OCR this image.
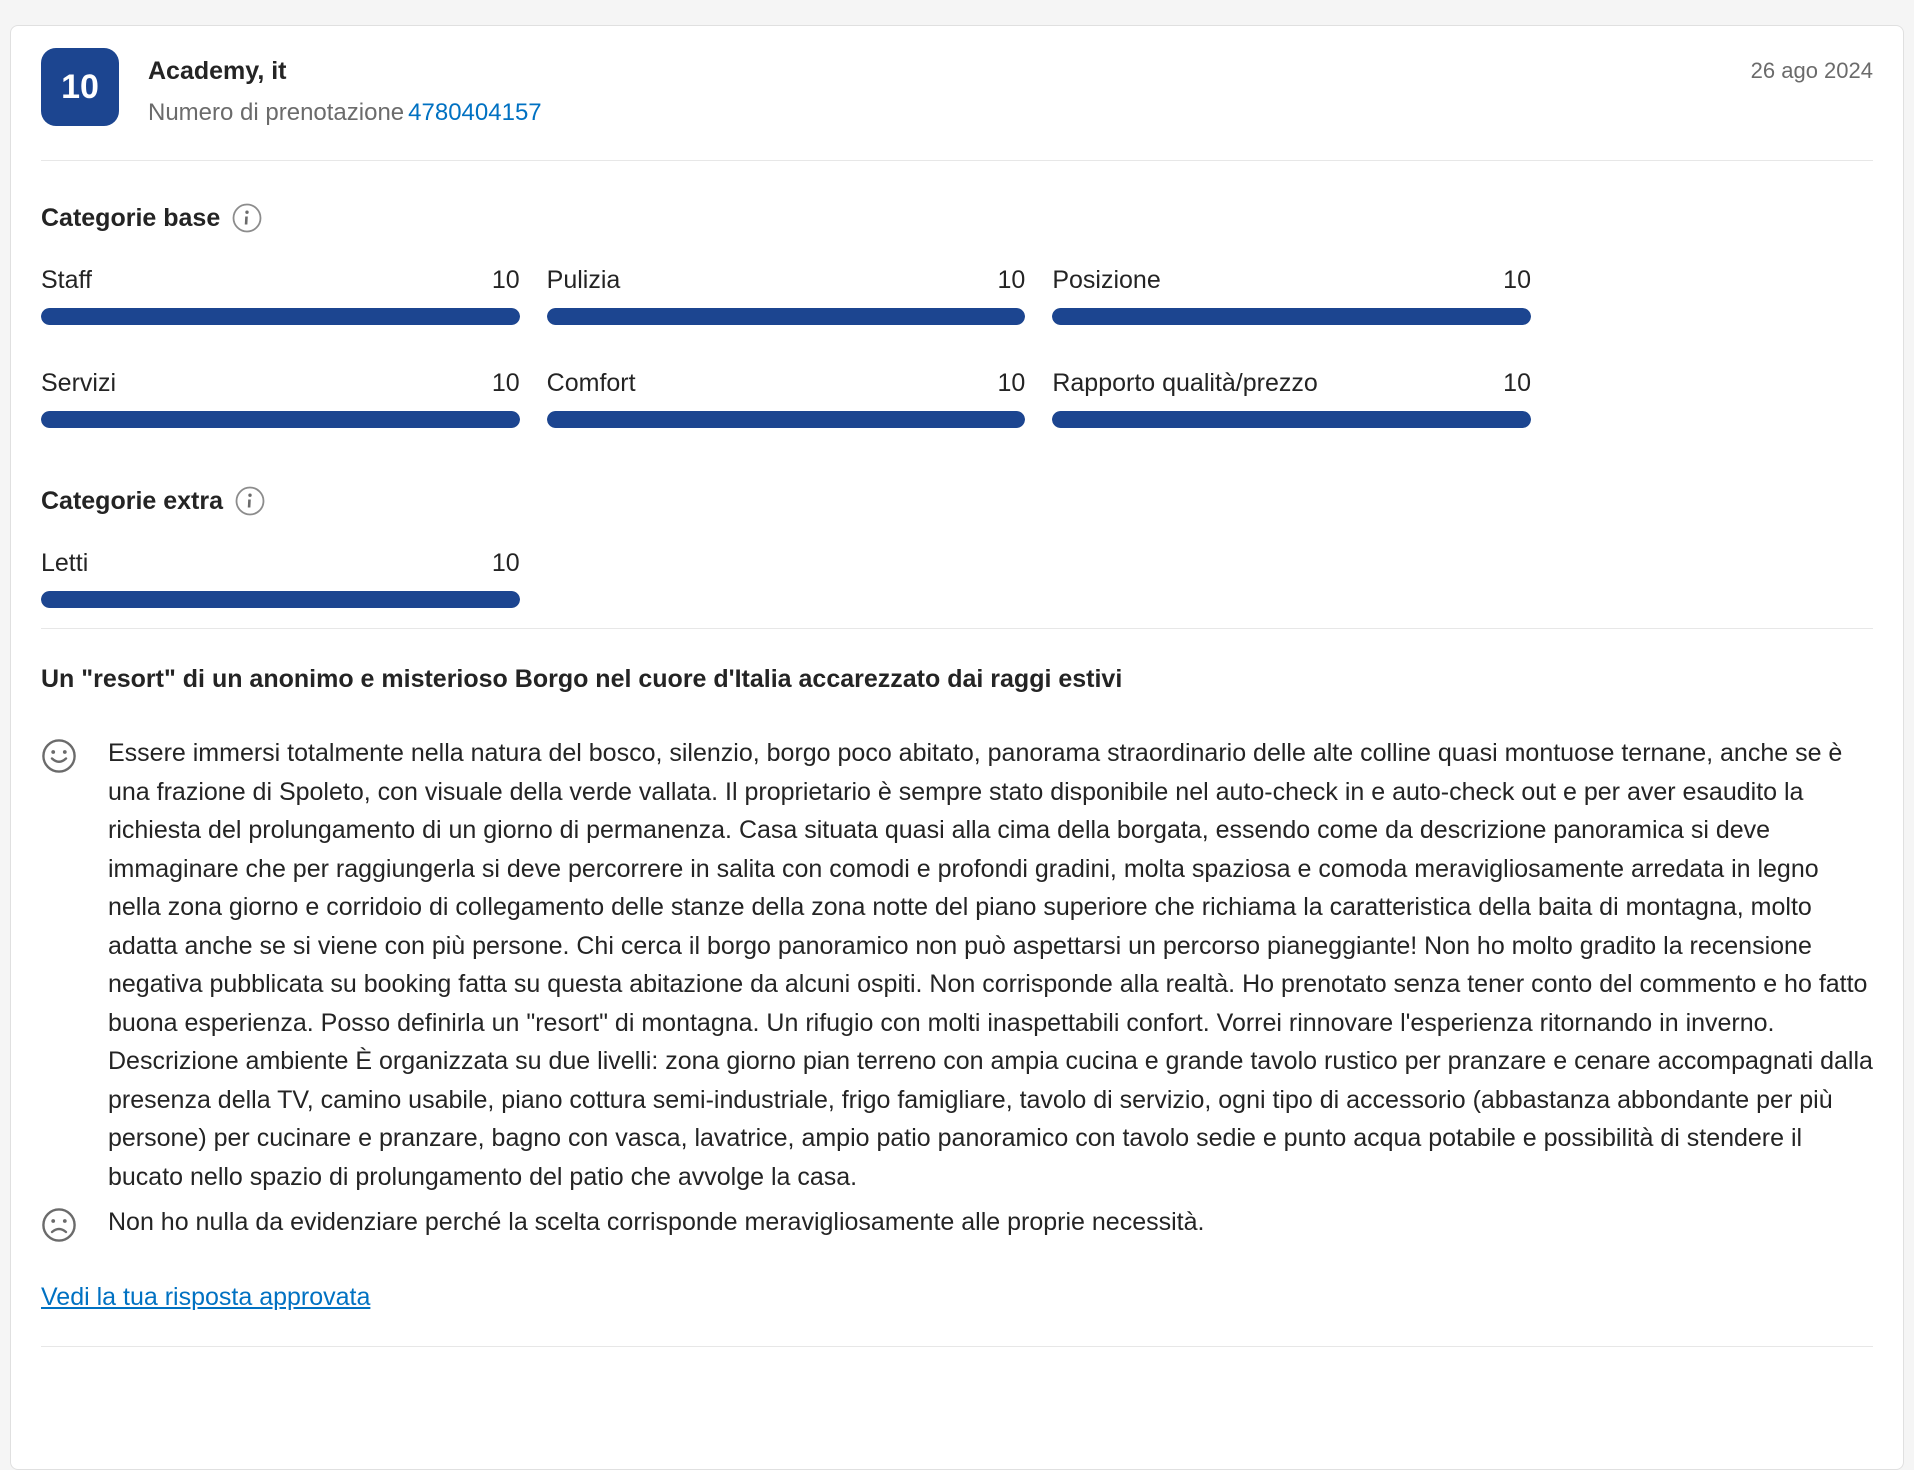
10	Academy, it
Numero di prenotazione 4780404157
26 ago 2024
Categorie base
Staff	10 Pulizia	10 Posizione	10
Servizi	10 Comfort	10 Rapporto qualità/prezzo	10
Categorie extra
Letti	10
Un "resort" di un anonimo e misterioso Borgo nel cuore d'Italia accarezzato dai raggi estivi

Essere immersi totalmente nella natura del bosco, silenzio, borgo poco abitato, panorama straordinario delle alte colline quasi montuose ternane, anche se è una frazione di Spoleto, con visuale della verde vallata. Il proprietario è sempre stato disponibile nel auto-check in e auto-check out e per aver esaudito la richiesta del prolungamento di un giorno di permanenza. Casa situata quasi alla cima della borgata, essendo come da descrizione panoramica si deve immaginare che per raggiungerla si deve percorrere in salita con comodi e profondi gradini, molta spaziosa e comoda meravigliosamente arredata in legno nella zona giorno e corridoio di collegamento delle stanze della zona notte del piano superiore che richiama la caratteristica della baita di montagna, molto adatta anche se si viene con più persone. Chi cerca il borgo panoramico non può aspettarsi un percorso pianeggiante! Non ho molto gradito la recensione negativa pubblicata su booking fatta su questa abitazione da alcuni ospiti. Non corrisponde alla realtà. Ho prenotato senza tener conto del commento e ho fatto buona esperienza. Posso definirla un "resort" di montagna. Un rifugio con molti inaspettabili confort. Vorrei rinnovare l'esperienza ritornando in inverno. Descrizione ambiente È organizzata su due livelli: zona giorno pian terreno con ampia cucina e grande tavolo rustico per pranzare e cenare accompagnati dalla presenza della TV, camino usabile, piano cottura semi-industriale, frigo famigliare, tavolo di servizio, ogni tipo di accessorio (abbastanza abbondante per più persone) per cucinare e pranzare, bagno con vasca, lavatrice, ampio patio panoramico con tavolo sedie e punto acqua potabile e possibilità di stendere il bucato nello spazio di prolungamento del patio che avvolge la casa.

Non ho nulla da evidenziare perché la scelta corrisponde meravigliosamente alle proprie necessità.

Vedi la tua risposta approvata
